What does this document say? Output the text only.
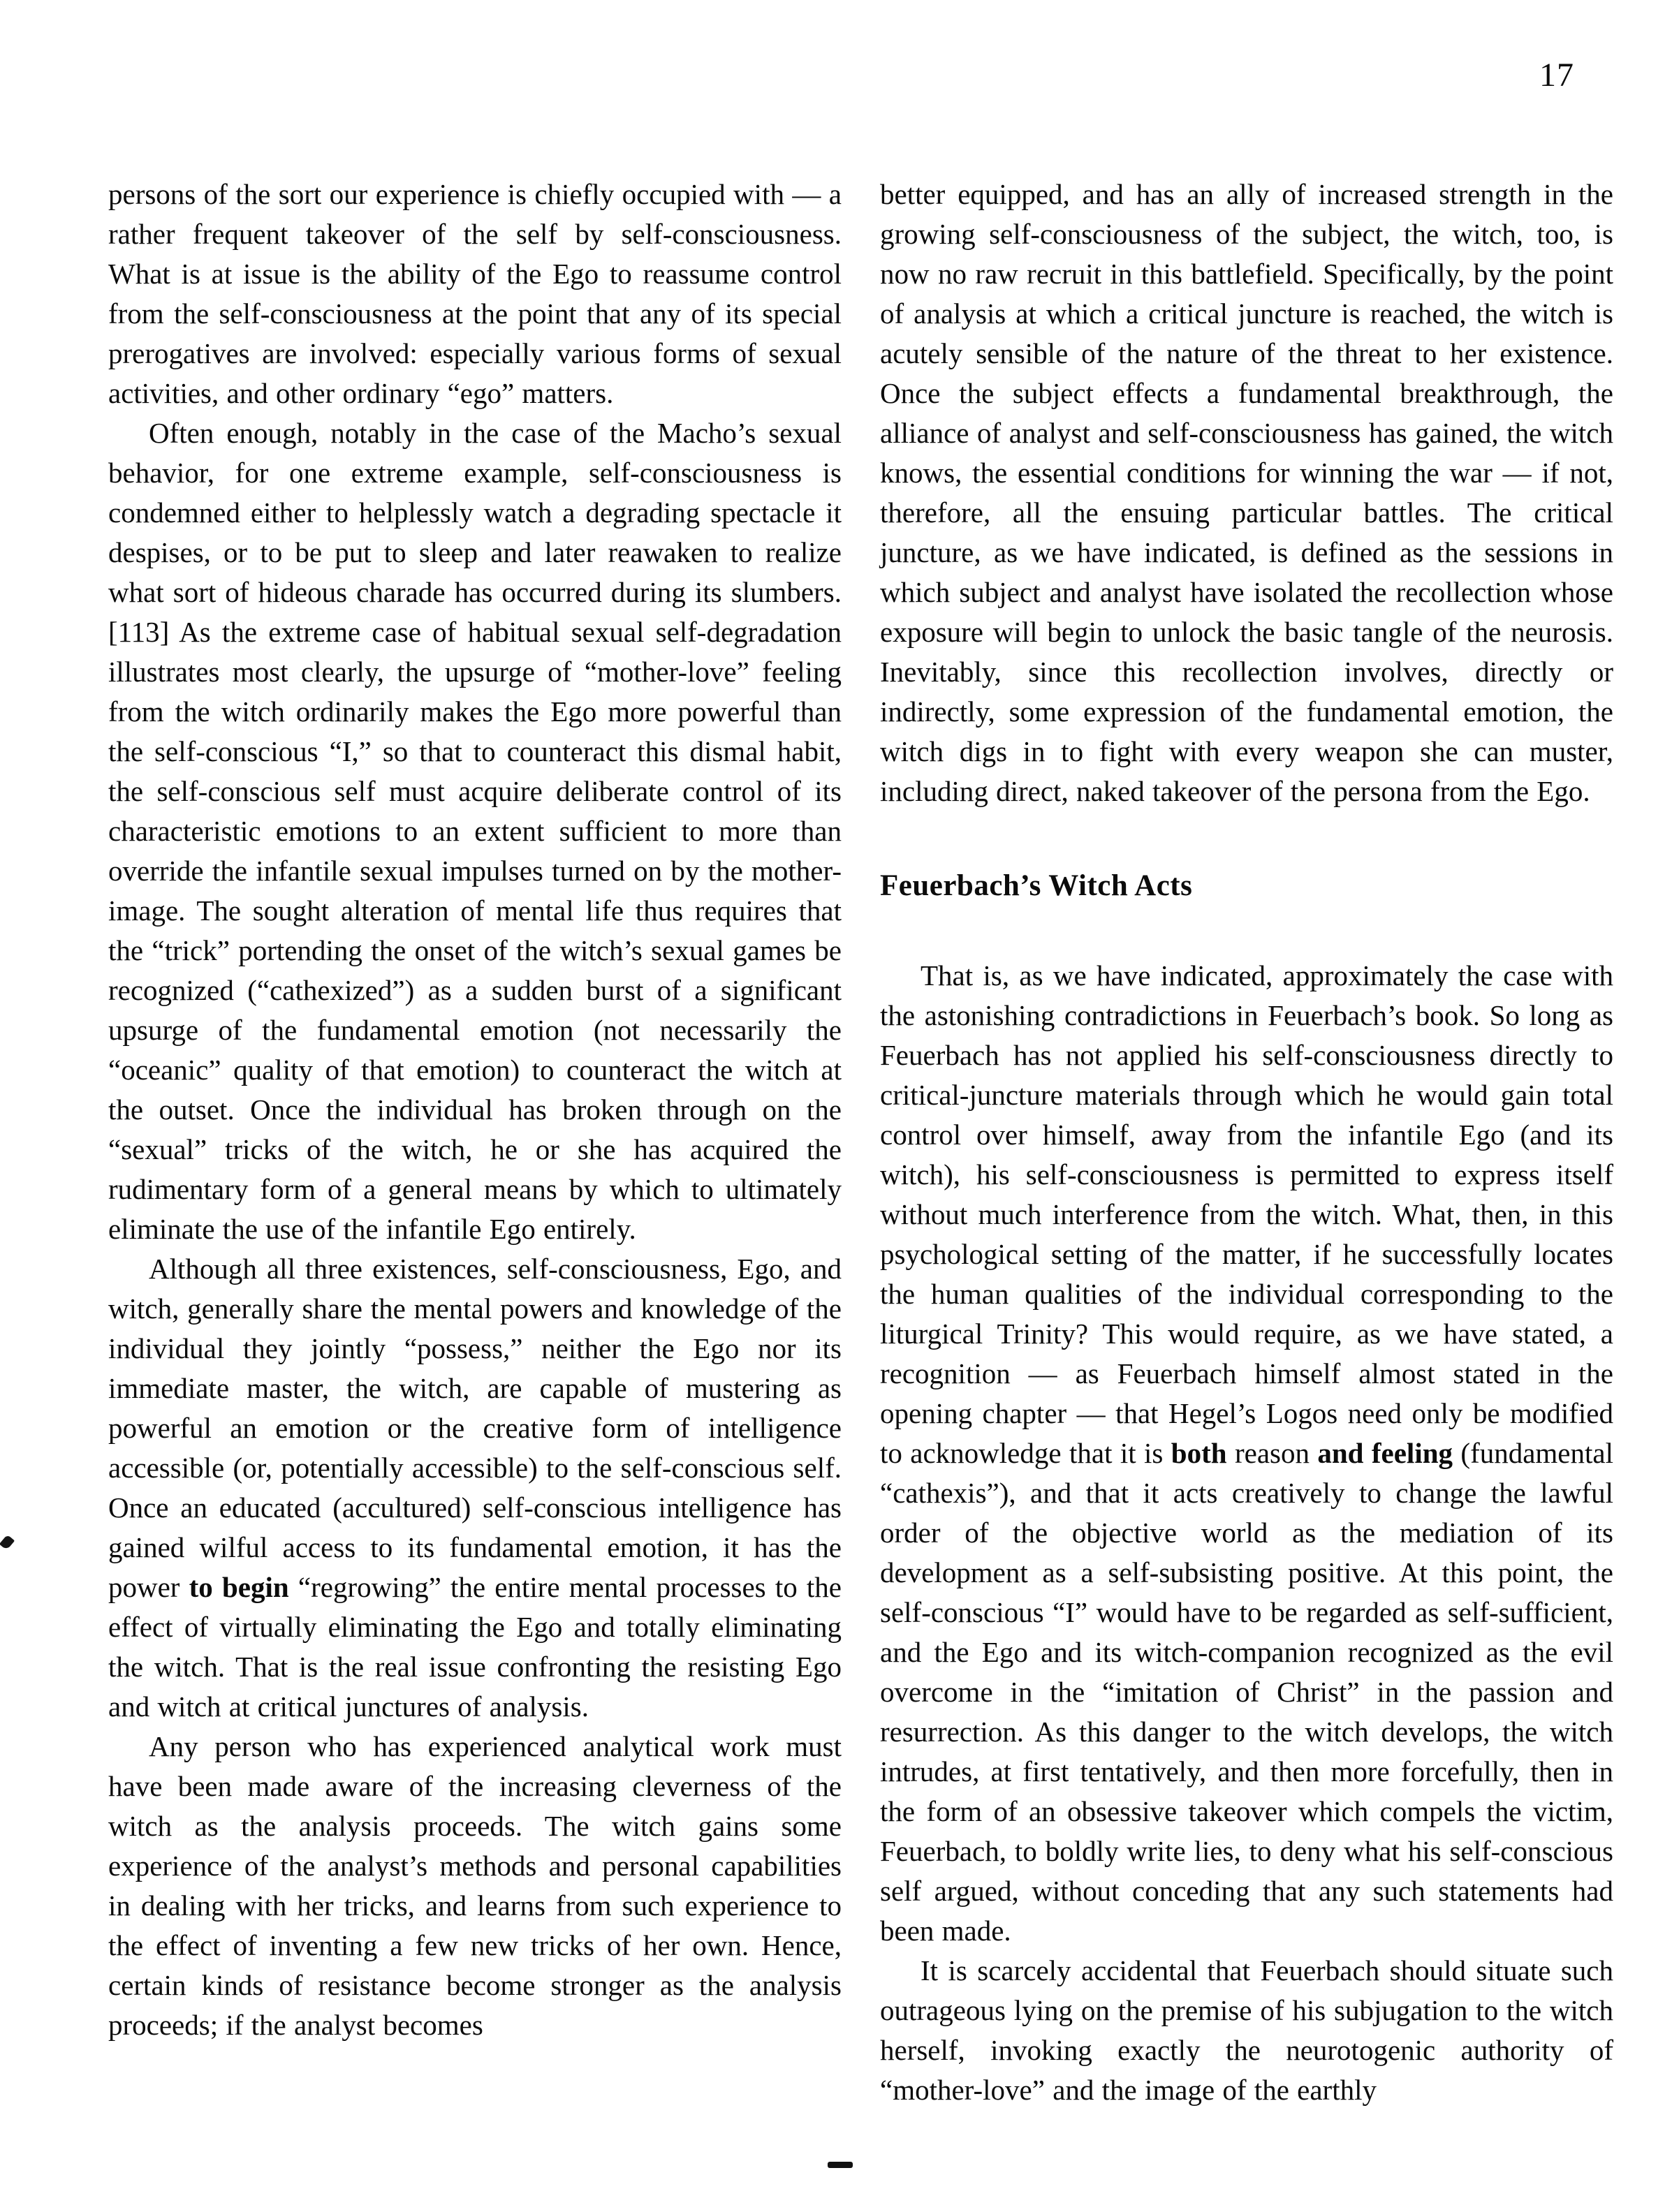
17

persons of the sort our experience is chiefly occupied with — a rather frequent takeover of the self by self-consciousness. What is at issue is the ability of the Ego to reassume control from the self-consciousness at the point that any of its special prerogatives are involved: especially various forms of sexual activities, and other ordinary “ego” matters.

Often enough, notably in the case of the Macho’s sexual behavior, for one extreme example, self-consciousness is condemned either to helplessly watch a degrading spectacle it despises, or to be put to sleep and later reawaken to realize what sort of hideous charade has occurred during its slumbers.[113] As the extreme case of habitual sexual self-degradation illustrates most clearly, the upsurge of “mother-love” feeling from the witch ordinarily makes the Ego more powerful than the self-conscious “I,” so that to counteract this dismal habit, the self-conscious self must acquire deliberate control of its characteristic emotions to an extent sufficient to more than override the infantile sexual impulses turned on by the mother-image. The sought alteration of mental life thus requires that the “trick” portending the onset of the witch’s sexual games be recognized (“cathexized”) as a sudden burst of a significant upsurge of the fundamental emotion (not necessarily the “oceanic” quality of that emotion) to counteract the witch at the outset. Once the individual has broken through on the “sexual” tricks of the witch, he or she has acquired the rudimentary form of a general means by which to ultimately eliminate the use of the infantile Ego entirely.

Although all three existences, self-consciousness, Ego, and witch, generally share the mental powers and knowledge of the individual they jointly “possess,” neither the Ego nor its immediate master, the witch, are capable of mustering as powerful an emotion or the creative form of intelligence accessible (or, potentially accessible) to the self-conscious self. Once an educated (accultured) self-conscious intelligence has gained wilful access to its fundamental emotion, it has the power to begin “regrowing” the entire mental processes to the effect of virtually eliminating the Ego and totally eliminating the witch. That is the real issue confronting the resisting Ego and witch at critical junctures of analysis.

Any person who has experienced analytical work must have been made aware of the increasing cleverness of the witch as the analysis proceeds. The witch gains some experience of the analyst’s methods and personal capabilities in dealing with her tricks, and learns from such experience to the effect of inventing a few new tricks of her own. Hence, certain kinds of resistance become stronger as the analysis proceeds; if the analyst becomes

better equipped, and has an ally of increased strength in the growing self-consciousness of the subject, the witch, too, is now no raw recruit in this battlefield. Specifically, by the point of analysis at which a critical juncture is reached, the witch is acutely sensible of the nature of the threat to her existence. Once the subject effects a fundamental breakthrough, the alliance of analyst and self-consciousness has gained, the witch knows, the essential conditions for winning the war — if not, therefore, all the ensuing particular battles. The critical juncture, as we have indicated, is defined as the sessions in which subject and analyst have isolated the recollection whose exposure will begin to unlock the basic tangle of the neurosis. Inevitably, since this recollection involves, directly or indirectly, some expression of the fundamental emotion, the witch digs in to fight with every weapon she can muster, including direct, naked takeover of the persona from the Ego.

Feuerbach’s Witch Acts

That is, as we have indicated, approximately the case with the astonishing contradictions in Feuerbach’s book. So long as Feuerbach has not applied his self-consciousness directly to critical-juncture materials through which he would gain total control over himself, away from the infantile Ego (and its witch), his self-consciousness is permitted to express itself without much interference from the witch. What, then, in this psychological setting of the matter, if he successfully locates the human qualities of the individual corresponding to the liturgical Trinity? This would require, as we have stated, a recognition — as Feuerbach himself almost stated in the opening chapter — that Hegel’s Logos need only be modified to acknowledge that it is both reason and feeling (fundamental “cathexis”), and that it acts creatively to change the lawful order of the objective world as the mediation of its development as a self-subsisting positive. At this point, the self-conscious “I” would have to be regarded as self-sufficient, and the Ego and its witch-companion recognized as the evil overcome in the “imitation of Christ” in the passion and resurrection. As this danger to the witch develops, the witch intrudes, at first tentatively, and then more forcefully, then in the form of an obsessive takeover which compels the victim, Feuerbach, to boldly write lies, to deny what his self-conscious self argued, without conceding that any such statements had been made.

It is scarcely accidental that Feuerbach should situate such outrageous lying on the premise of his subjugation to the witch herself, invoking exactly the neurotogenic authority of “mother-love” and the image of the earthly
